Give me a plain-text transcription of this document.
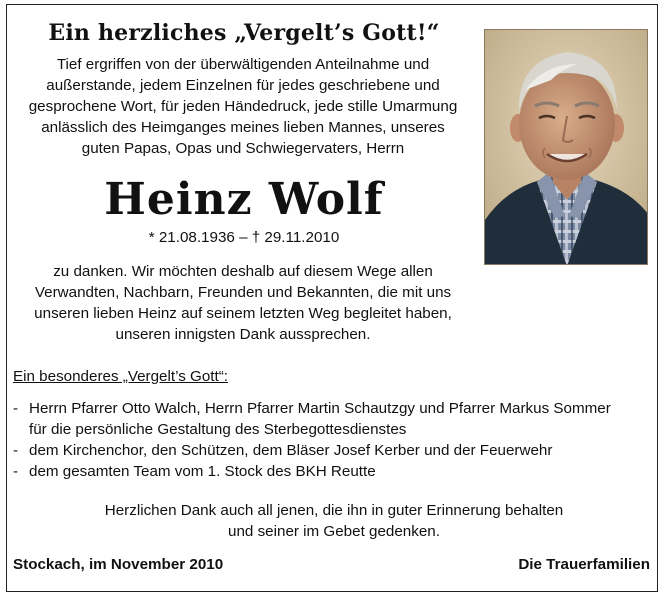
Ein herzliches „Vergelt’s Gott!“
Tief ergriffen von der überwältigenden Anteilnahme und
außerstande, jedem Einzelnen für jedes geschriebene und
gesprochene Wort, für jeden Händedruck, jede stille Umarmung
anlässlich des Heimganges meines lieben Mannes, unseres
guten Papas, Opas und Schwiegervaters, Herrn
Heinz Wolf
* 21.08.1936 – † 29.11.2010
zu danken. Wir möchten deshalb auf diesem Wege allen
Verwandten, Nachbarn, Freunden und Bekannten, die mit uns
unseren lieben Heinz auf seinem letzten Weg begleitet haben,
unseren innigsten Dank aussprechen.
Ein besonderes „Vergelt’s Gott“:
- Herrn Pfarrer Otto Walch, Herrn Pfarrer Martin Schautzgy und Pfarrer Markus Sommer
für die persönliche Gestaltung des Sterbegottesdienstes
- dem Kirchenchor, den Schützen, dem Bläser Josef Kerber und der Feuerwehr
- dem gesamten Team vom 1. Stock des BKH Reutte
Herzlichen Dank auch all jenen, die ihn in guter Erinnerung behalten
und seiner im Gebet gedenken.
Stockach, im November 2010	Die Trauerfamilien
